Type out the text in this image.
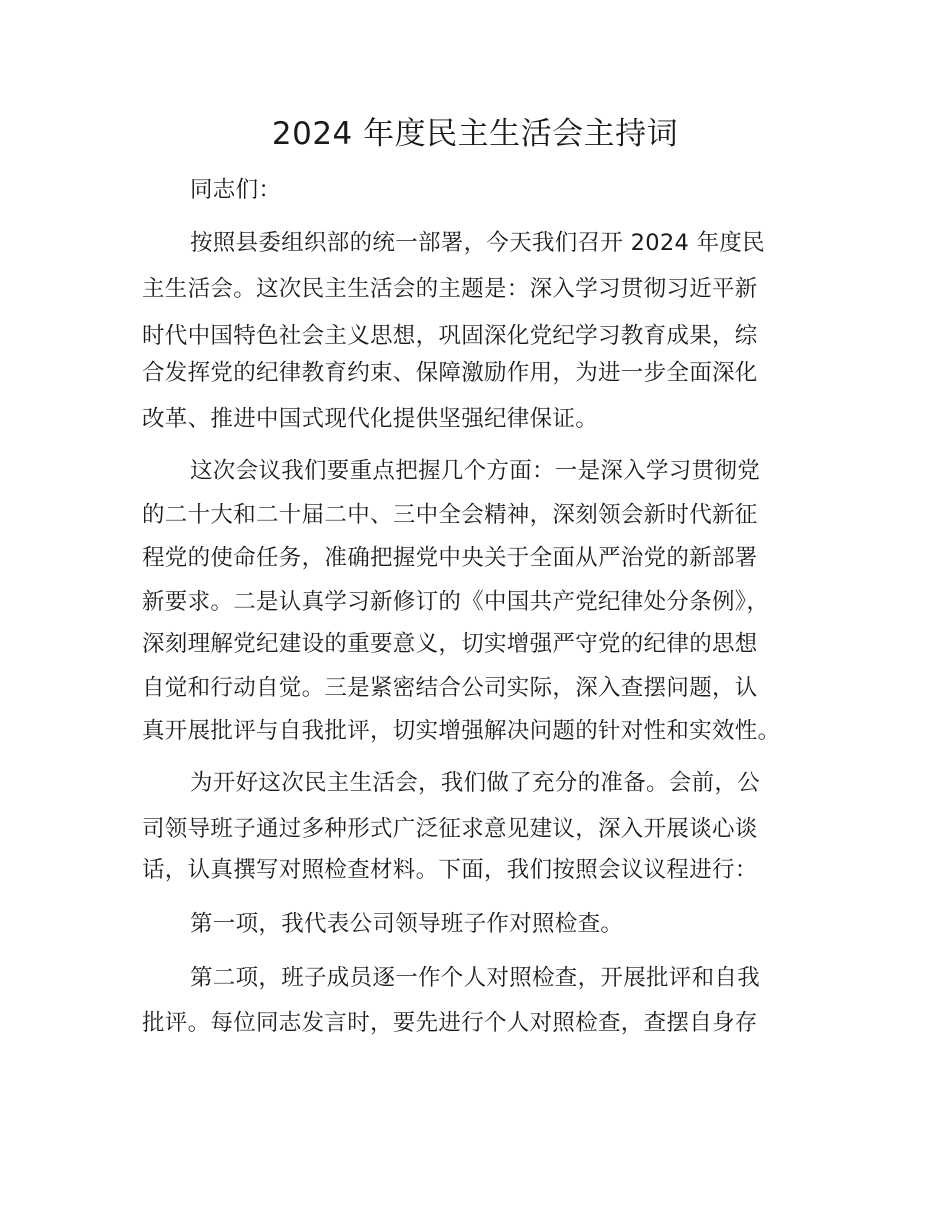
2024 年度民主生活会主持词
同志们：
按照县委组织部的统一部署，今天我们召开 2024 年度民
主生活会。这次民主生活会的主题是：深入学习贯彻习近平新
时代中国特色社会主义思想，巩固深化党纪学习教育成果，综
合发挥党的纪律教育约束、保障激励作用，为进一步全面深化
改革、推进中国式现代化提供坚强纪律保证。
这次会议我们要重点把握几个方面：一是深入学习贯彻党
的二十大和二十届二中、三中全会精神，深刻领会新时代新征
程党的使命任务，准确把握党中央关于全面从严治党的新部署
新要求。二是认真学习新修订的《中国共产党纪律处分条例》，
深刻理解党纪建设的重要意义，切实增强严守党的纪律的思想
自觉和行动自觉。三是紧密结合公司实际，深入查摆问题，认
真开展批评与自我批评，切实增强解决问题的针对性和实效性。
为开好这次民主生活会，我们做了充分的准备。会前，公
司领导班子通过多种形式广泛征求意见建议，深入开展谈心谈
话，认真撰写对照检查材料。下面，我们按照会议议程进行：
第一项，我代表公司领导班子作对照检查。
第二项，班子成员逐一作个人对照检查，开展批评和自我
批评。每位同志发言时，要先进行个人对照检查，查摆自身存
